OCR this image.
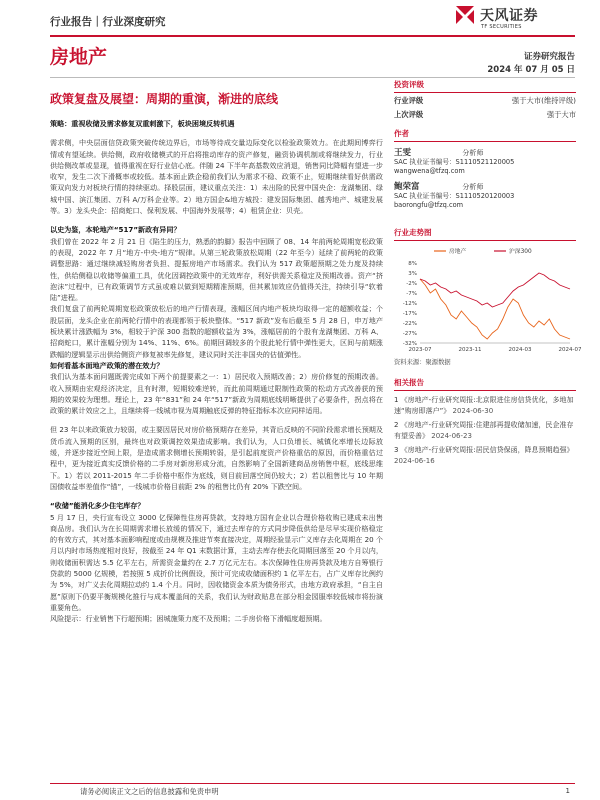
行业报告｜行业深度研究	天风证券
TF SECURITIES
房地产	证券研究报告
2024 年 07 月 05 日
政策复盘及展望：周期的重演，渐进的底线

策略：重视收储及需求修复双重刺激下，板块困境反转机遇

需求侧，中央层面信贷政策突破传统边界后，市场等待成交量边际变化以检验政策效力。在此期间博弈行情或有望延续。供给侧，政府收储模式的开启将推动库存的资产修复，融资协调机制或将继续发力，行业供给侧改革或显现，值得重视在好行业信心底。伴随 24 下半年高基数效应消退，销售同比降幅有望进一步收窄，发生二次下滑概率或较低。基本面止跌企稳前我们认为需求不稳、政策不止，短期继续看好供需政策双向发力对板块行情的持续驱动。择股层面，建议重点关注：1）未出险的民营中国央企：龙湖集团、绿城中国、滨江集团、万科 A/万科企业等。2）地方国企&地方城投：建发国际集团、越秀地产、城建发展等。3）龙头央企：招商蛇口、保利发展、中国海外发展等；4）租赁企业：贝壳。

以史为鉴，本轮地产“517”新政有异同？

我们曾在 2022 年 2 月 21 日《陷生的压力，熟悉的韵脚》报告中回顾了 08、14 年前两轮周期宽松政策的表现，2022 年 7 月“地方-中央-地方”规律。从第三轮政策放松周期（22 年至今）延续了前两轮的政策调整思路：通过继续减轻购房者负担、提振房地产市场需求。我们认为 517 政策超预期之处力度及持续性，供给侧稳以收储等偏重工具，优化因调控政策中的无效库存，利好供需关系稳定及预期改善。资产“挤泡沫”过程中，已有政策调节方式虽或难以做到短期精准预期，但其累加效应仍值得关注，持续引导“软着陆”进程。

我们复盘了前两轮周期宽松政策放松后的地产行情表现，涨幅区间内地产板块均取得一定的超额收益；个股层面，龙头企业在前两轮行情中的表现都领于板块整体。“517 新政”发布后截至 5 月 28 日，申万地产板块累计涨跌幅为 3%，相较于沪深 300 指数的超额收益为 3%，涨幅居前的个股有龙湖集团、万科 A、招商蛇口，累计涨幅分别为 14%、11%、6%。前期回调较多的个股此轮行情中弹性更大，区间与前期涨跌幅的逻辑显示出供给侧资产修复被率先修复，建议同时关注非国央的估值弹性。

如何看基本面地产政策的潜在效力？

我们认为基本面问题既需完成如下两个前提要素之一：1）居民收入预期改善；2）房价修复的预期改善。收入预期由宏观经济决定，且有时滞，短期较难逆转，而此前周期通过限制性政策的松动方式改善获的预期的效果较为理想。理论上，23 年“831”和 24 年“517”新政为周期底线明晰提供了必要条件，拐点将在政策的累计效应之上，且继续将一线城市视为周期触底反弹的特征指标本次应同样适用。

但 23 年以来政策放力较弱，或主要因居民对房价格预期存在差异，其背后反映的不同阶段需求增长预期及货币流入预期的区别，最终也对政策调控效果造成影响。我们认为，人口负增长、城镇化率增长边际放缓，并逐步接近空间上限，是造成需求侧增长预期转弱，是引起前度资产价格重估的原因，而价格重估过程中，更为接近真实反馈价格的二手房对新房形成分流，自然影响了全国新建商品房销售中枢，底线思维下。1）若以 2011-2015 年二手价格中枢作为底线，则目前回落空间仍较大；2）若以租售比与 10 年期国债收益率差值作“锚”，一线城市价格目前距 2% 的租售比仍有 20% 下跌空间。

“收储”能消化多少住宅库存？

5 月 17 日，央行宣布设立 3000 亿保障性住房再贷款，支持地方国有企业以合理价格收购已建成未出售商品房。我们认为在长周期需求增长放缓的情况下，通过去库存的方式同步降低供给是尽早实现价格稳定的有效方式，其对基本面影响程度或由规模及推进节奏直接决定，周期经验显示广义库存去化周期在 20 个月以内时市场热度相对良好，按截至 24 年 Q1 末数据计算，主动去库存使去化周期回落至 20 个月以内，则收储面积需达 5.5 亿平左右，所需资金量约在 2.7 万亿元左右。本次保障性住房再贷款及地方自筹银行贷款的 5000 亿规模，若按照 5 成折价比例假设，预计可完成收储面积约 1 亿平左右，占广义库存比例约为 5%，对广义去化周期拉动约 1.4 个月。同时，因收储资金本质为债务形式，由地方政府承担，“自主自愿”原则下仍要平衡规模化推行与成本覆盖间的关系，我们认为财政贴息在部分相金园服率较低城市将扮演重要角色。

风险提示：行业销售下行超预期；困城施策力度不及预期；二手房价格下滑幅度超预期。

投资评级
行业评级	强于大市(维持评级)
上次评级	强于大市
作者
王雯	分析师
SAC 执业证书编号：S1110521120005
wangwena@tfzq.com
鲍荣富	分析师
SAC 执业证书编号：S1110520120003
baorongfu@tfzq.com
行业走势图
8%
3%
-2%
-7%
-12%
-17%
-22%
-27%
-32%
2023-07	2023-11	2024-03	2024-07
房地产	沪深300
资料来源：聚源数据
相关报告
1 《房地产-行业研究周报:北京限进住房信贷优化，多地加速“购房即落户”》 2024-06-30
2 《房地产-行业研究周报:住建部再提收储加速，民企准存有望妥善》 2024-06-23
3 《房地产-行业研究周报:居民信贷保函，降息预期趋强》 2024-06-16
请务必阅读正文之后的信息披露和免责申明	1
